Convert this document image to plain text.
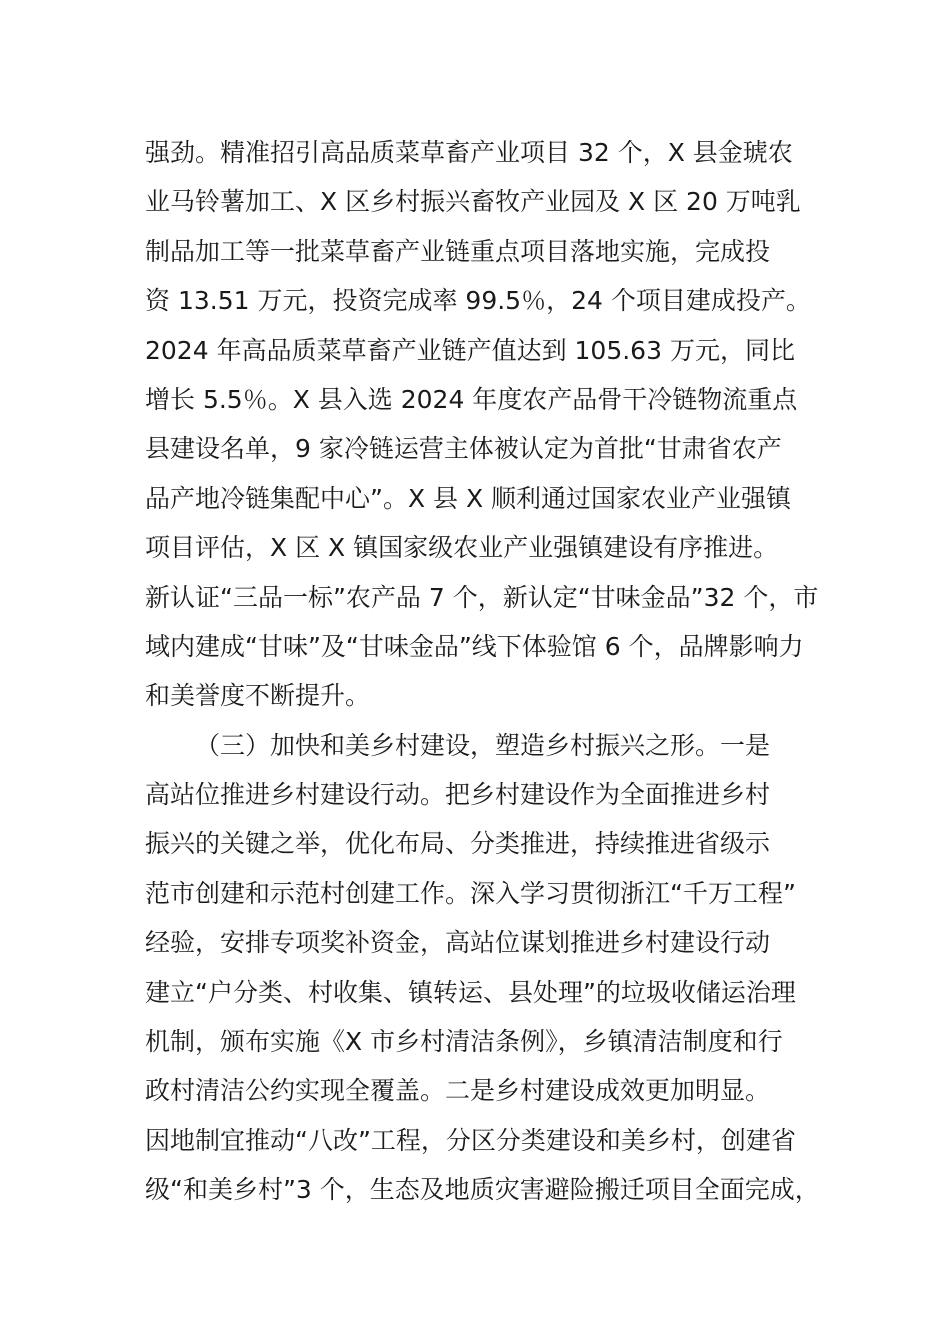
强劲。精准招引高品质菜草畜产业项目 32 个，X 县金琥农
业马铃薯加工、X 区乡村振兴畜牧产业园及 X 区 20 万吨乳
制品加工等一批菜草畜产业链重点项目落地实施，完成投
资 13.51 万元，投资完成率 99.5％，24 个项目建成投产。
2024 年高品质菜草畜产业链产值达到 105.63 万元，同比
增长 5.5％。X 县入选 2024 年度农产品骨干冷链物流重点
县建设名单，9 家冷链运营主体被认定为首批“甘肃省农产
品产地冷链集配中心”。X 县 X 顺利通过国家农业产业强镇
项目评估，X 区 X 镇国家级农业产业强镇建设有序推进。
新认证“三品一标”农产品 7 个，新认定“甘味金品”32 个，市
域内建成“甘味”及“甘味金品”线下体验馆 6 个，品牌影响力
和美誉度不断提升。
（三）加快和美乡村建设，塑造乡村振兴之形。一是
高站位推进乡村建设行动。把乡村建设作为全面推进乡村
振兴的关键之举，优化布局、分类推进，持续推进省级示
范市创建和示范村创建工作。深入学习贯彻浙江“千万工程”
经验，安排专项奖补资金，高站位谋划推进乡村建设行动
建立“户分类、村收集、镇转运、县处理”的垃圾收储运治理
机制，颁布实施《X 市乡村清洁条例》，乡镇清洁制度和行
政村清洁公约实现全覆盖。二是乡村建设成效更加明显。
因地制宜推动“八改”工程，分区分类建设和美乡村，创建省
级“和美乡村”3 个，生态及地质灾害避险搬迁项目全面完成，
